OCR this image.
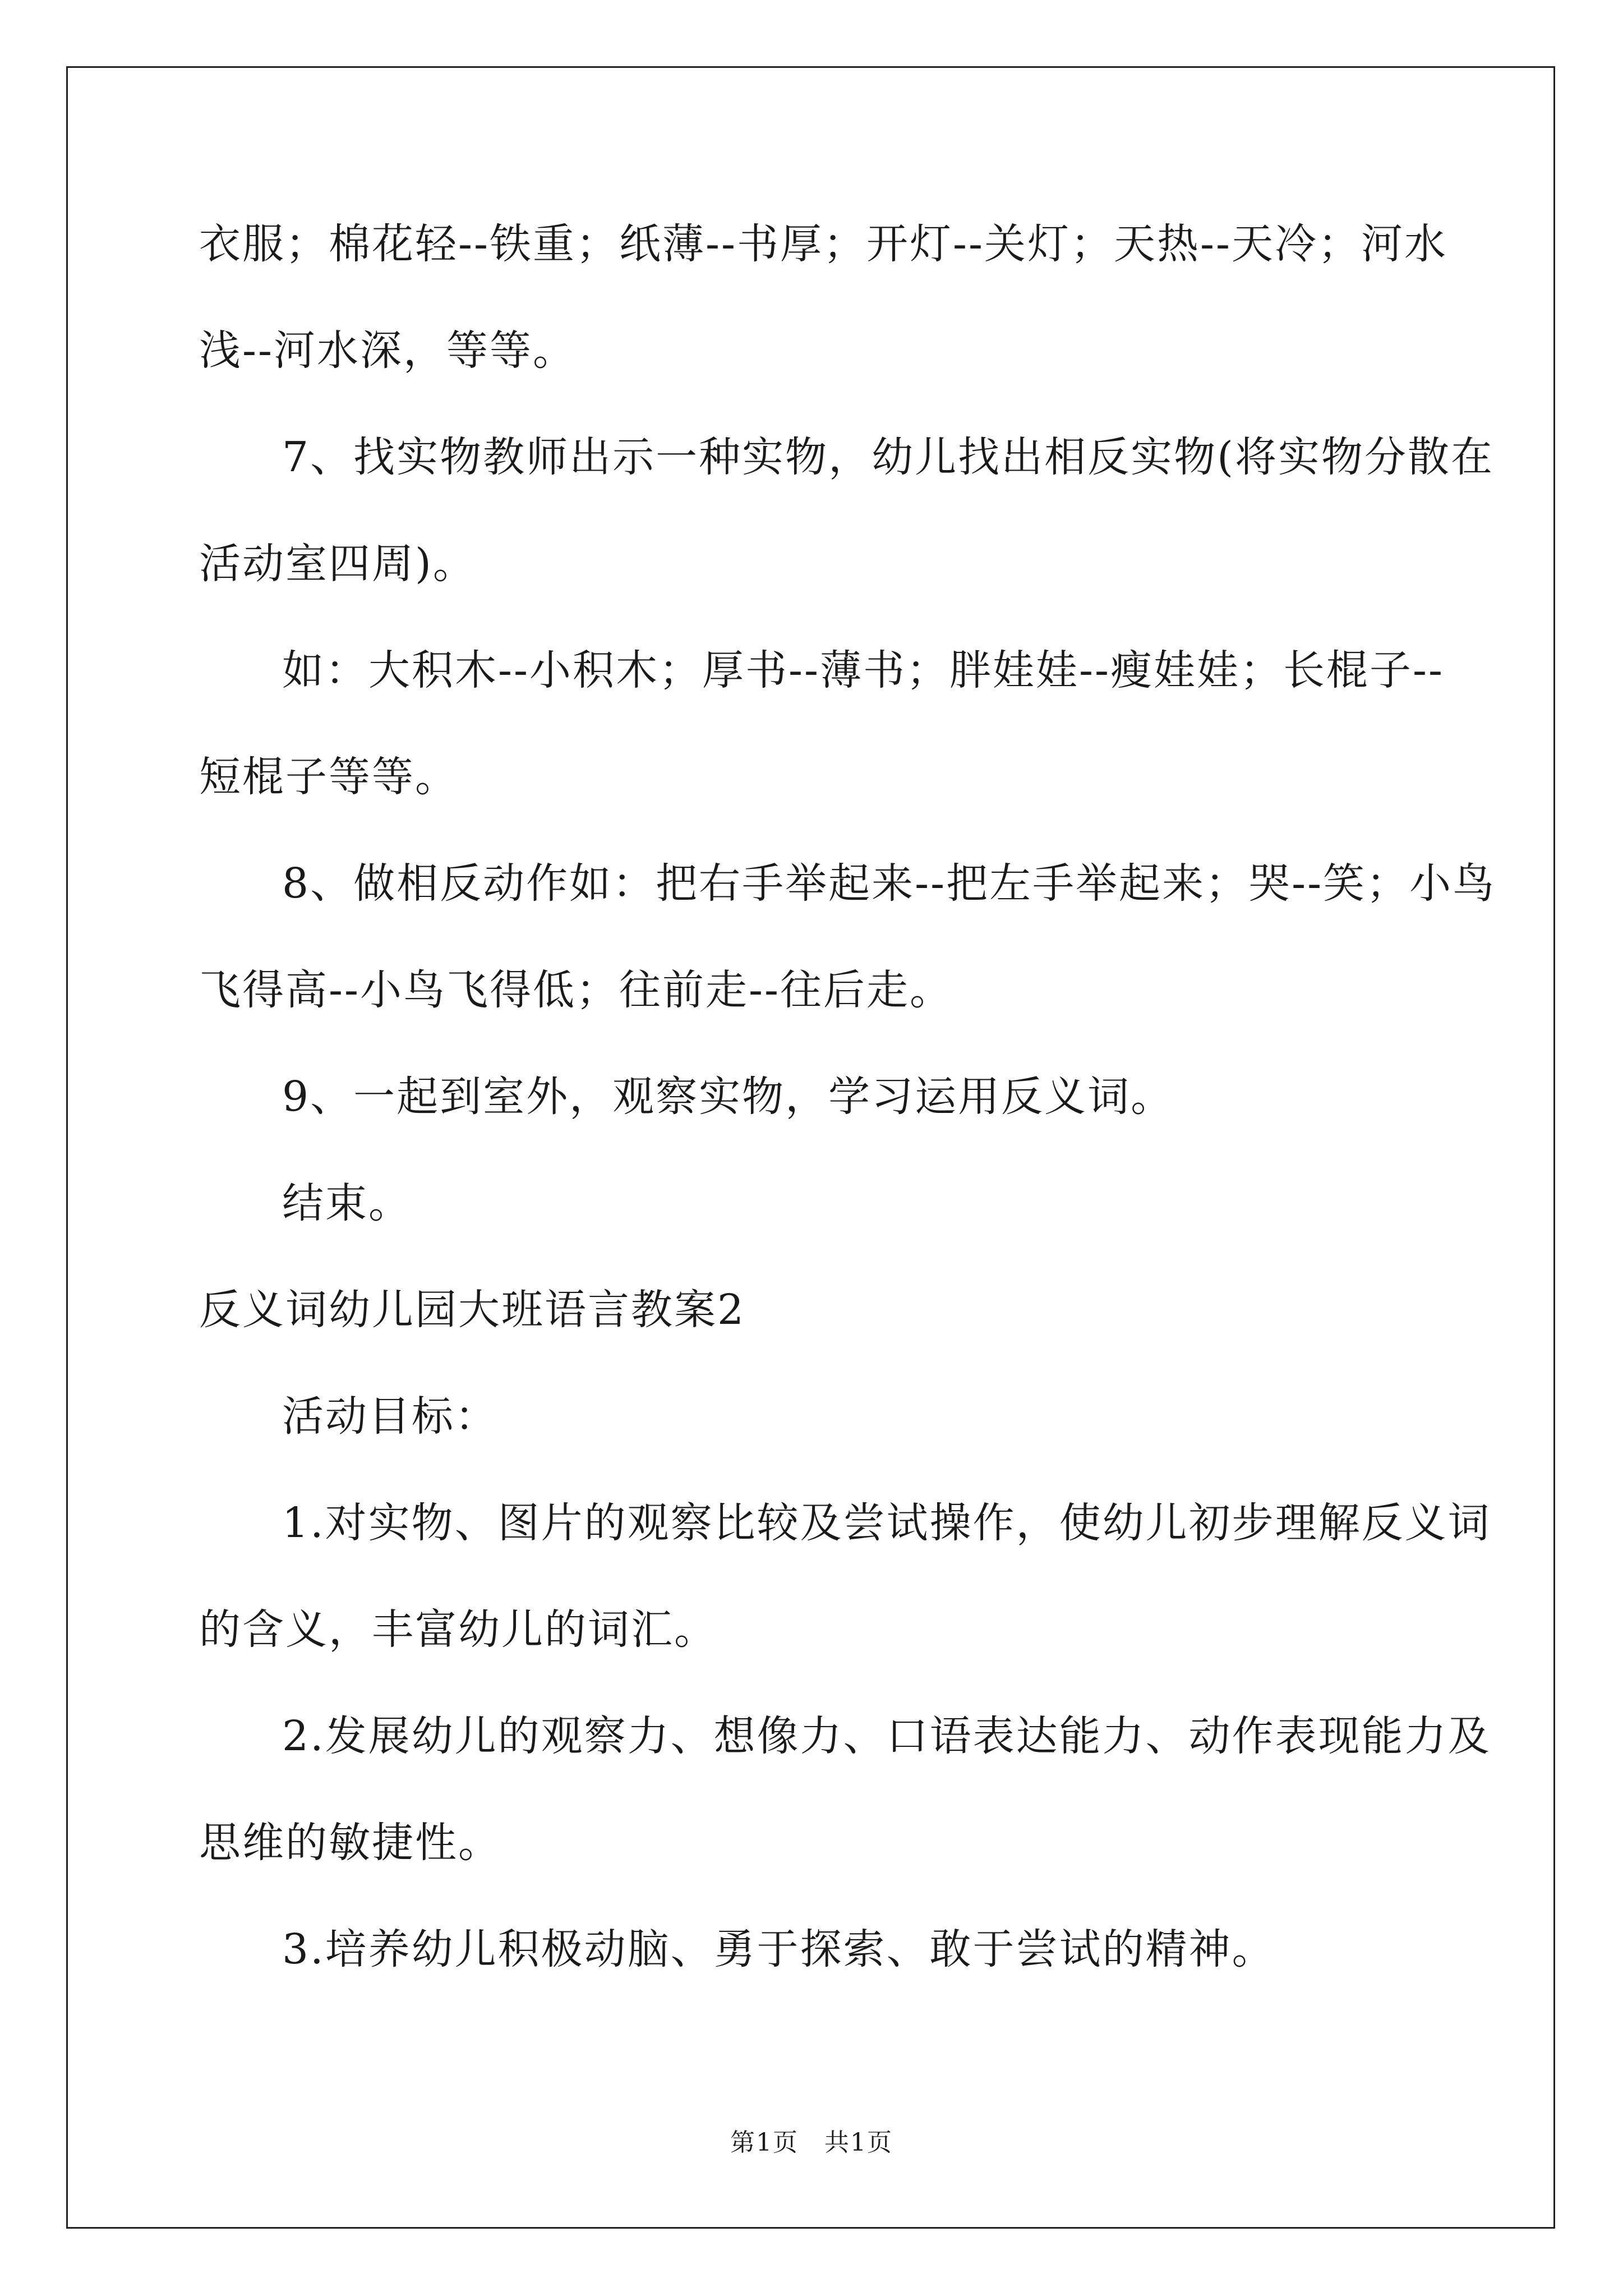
衣服；棉花轻--铁重；纸薄--书厚；开灯--关灯；天热--天冷；河水
浅--河水深，等等。
7、找实物教师出示一种实物，幼儿找出相反实物(将实物分散在
活动室四周)。
如：大积木--小积木；厚书--薄书；胖娃娃--瘦娃娃；长棍子--
短棍子等等。
8、做相反动作如：把右手举起来--把左手举起来；哭--笑；小鸟
飞得高--小鸟飞得低；往前走--往后走。
9、一起到室外，观察实物，学习运用反义词。
结束。
反义词幼儿园大班语言教案2
活动目标：
1.对实物、图片的观察比较及尝试操作，使幼儿初步理解反义词
的含义，丰富幼儿的词汇。
2.发展幼儿的观察力、想像力、口语表达能力、动作表现能力及
思维的敏捷性。
3.培养幼儿积极动脑、勇于探索、敢于尝试的精神。
第1页　共1页
